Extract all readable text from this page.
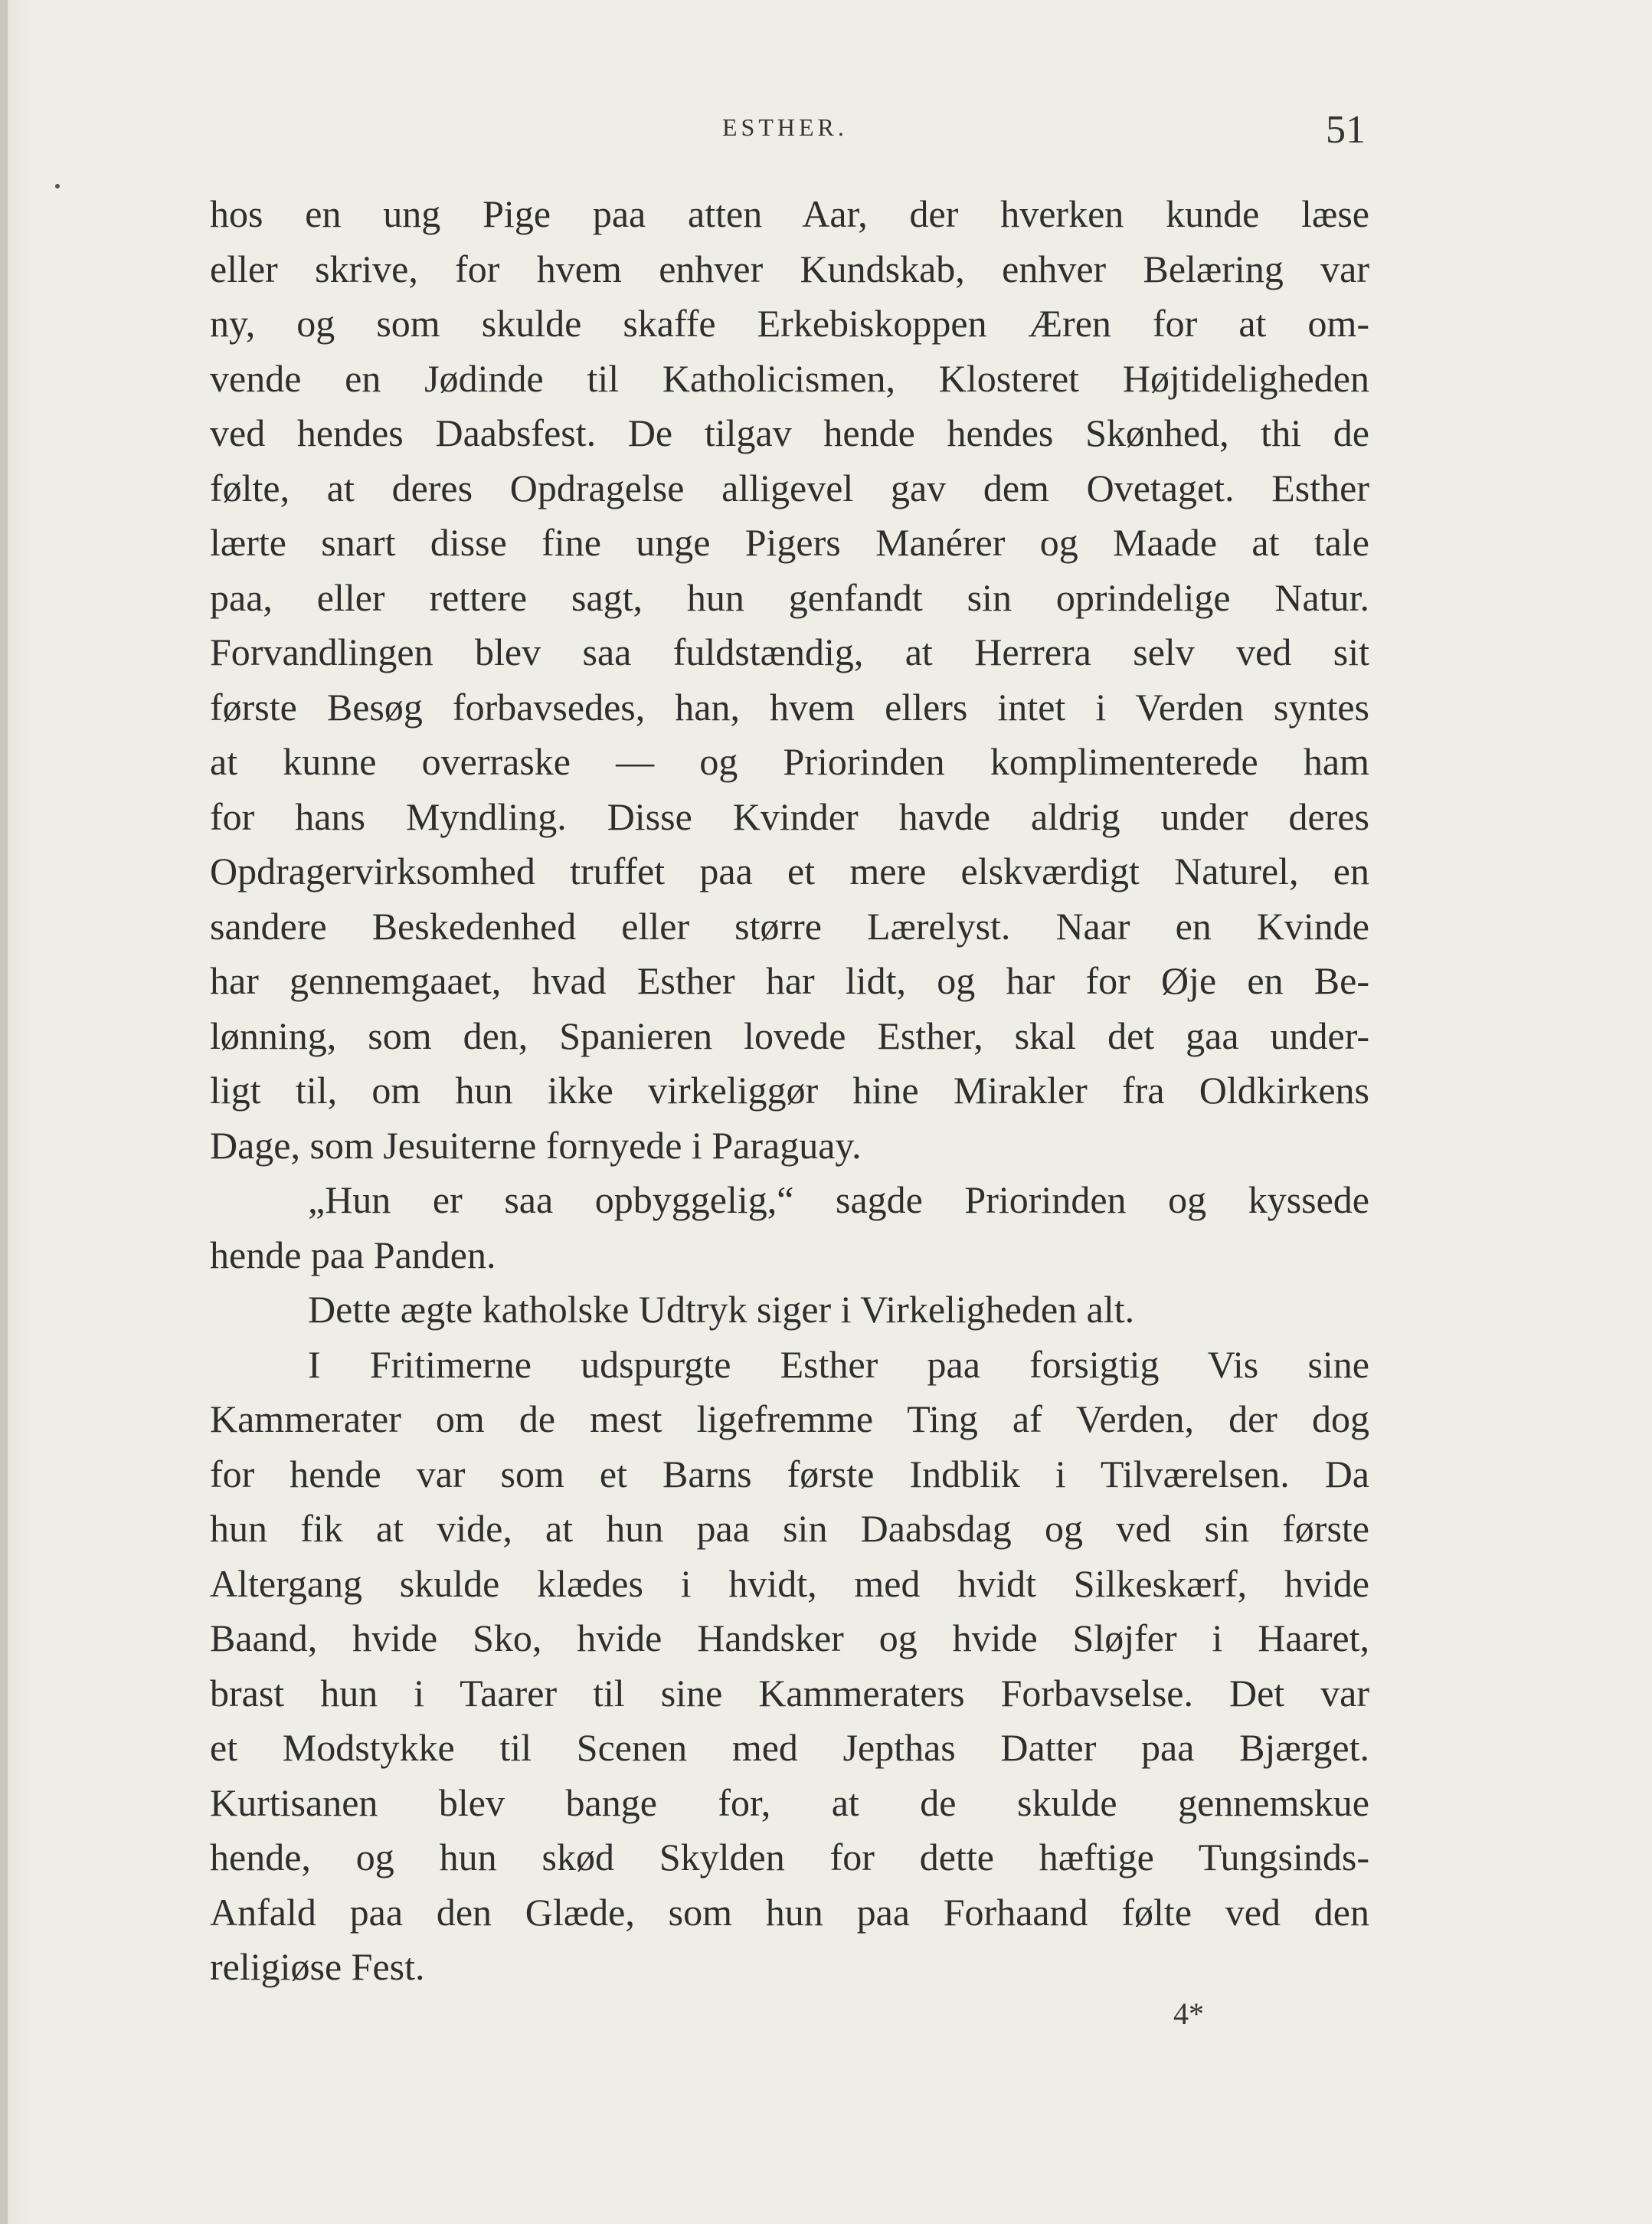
ESTHER.	51
hos en ung Pige paa atten Aar, der hverken kunde læse
eller skrive, for hvem enhver Kundskab, enhver Belæring var
ny, og som skulde skaffe Erkebiskoppen Æren for at om-
vende en Jødinde til Katholicismen, Klosteret Højtideligheden
ved hendes Daabsfest. De tilgav hende hendes Skønhed, thi de
følte, at deres Opdragelse alligevel gav dem Ovetaget. Esther
lærte snart disse fine unge Pigers Manérer og Maade at tale
paa, eller rettere sagt, hun genfandt sin oprindelige Natur.
Forvandlingen blev saa fuldstændig, at Herrera selv ved sit
første Besøg forbavsedes, han, hvem ellers intet i Verden syntes
at kunne overraske — og Priorinden komplimenterede ham
for hans Myndling. Disse Kvinder havde aldrig under deres
Opdragervirksomhed truffet paa et mere elskværdigt Naturel, en
sandere Beskedenhed eller større Lærelyst. Naar en Kvinde
har gennemgaaet, hvad Esther har lidt, og har for Øje en Be-
lønning, som den, Spanieren lovede Esther, skal det gaa under-
ligt til, om hun ikke virkeliggør hine Mirakler fra Oldkirkens
Dage, som Jesuiterne fornyede i Paraguay.
„Hun er saa opbyggelig,“ sagde Priorinden og kyssede
hende paa Panden.
Dette ægte katholske Udtryk siger i Virkeligheden alt.
I Fritimerne udspurgte Esther paa forsigtig Vis sine
Kammerater om de mest ligefremme Ting af Verden, der dog
for hende var som et Barns første Indblik i Tilværelsen. Da
hun fik at vide, at hun paa sin Daabsdag og ved sin første
Altergang skulde klædes i hvidt, med hvidt Silkeskærf, hvide
Baand, hvide Sko, hvide Handsker og hvide Sløjfer i Haaret,
brast hun i Taarer til sine Kammeraters Forbavselse. Det var
et Modstykke til Scenen med Jepthas Datter paa Bjærget.
Kurtisanen blev bange for, at de skulde gennemskue
hende, og hun skød Skylden for dette hæftige Tungsinds-
Anfald paa den Glæde, som hun paa Forhaand følte ved den
religiøse Fest.
4*
